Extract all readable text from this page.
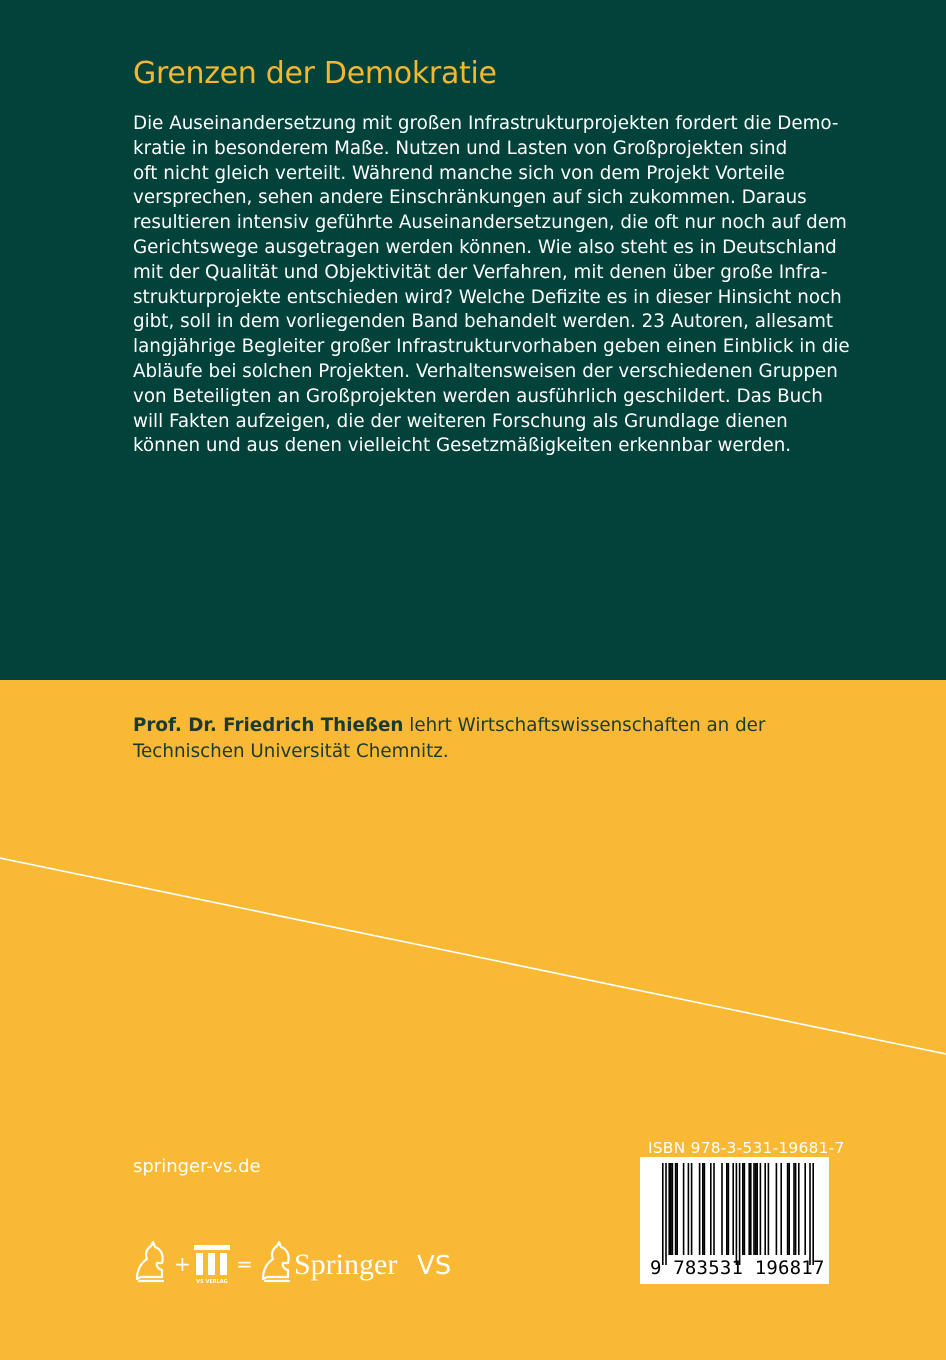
Grenzen der Demokratie

Die Auseinandersetzung mit großen Infrastrukturprojekten fordert die Demo-
kratie in besonderem Maße. Nutzen und Lasten von Großprojekten sind
oft nicht gleich verteilt. Während manche sich von dem Projekt Vorteile
versprechen, sehen andere Einschränkungen auf sich zukommen. Daraus
resultieren intensiv geführte Auseinandersetzungen, die oft nur noch auf dem
Gerichtswege ausgetragen werden können. Wie also steht es in Deutschland
mit der Qualität und Objektivität der Verfahren, mit denen über große Infra-
strukturprojekte entschieden wird? Welche Defizite es in dieser Hinsicht noch
gibt, soll in dem vorliegenden Band behandelt werden. 23 Autoren, allesamt
langjährige Begleiter großer Infrastrukturvorhaben geben einen Einblick in die
Abläufe bei solchen Projekten. Verhaltensweisen der verschiedenen Gruppen
von Beteiligten an Großprojekten werden ausführlich geschildert. Das Buch
will Fakten aufzeigen, die der weiteren Forschung als Grundlage dienen
können und aus denen vielleicht Gesetzmäßigkeiten erkennbar werden.

Prof. Dr. Friedrich Thießen lehrt Wirtschaftswissenschaften an der
Technischen Universität Chemnitz.

springer-vs.de
+
VS VERLAG
= Springer VS
ISBN 978-3-531-19681-7
9 783531 196817
